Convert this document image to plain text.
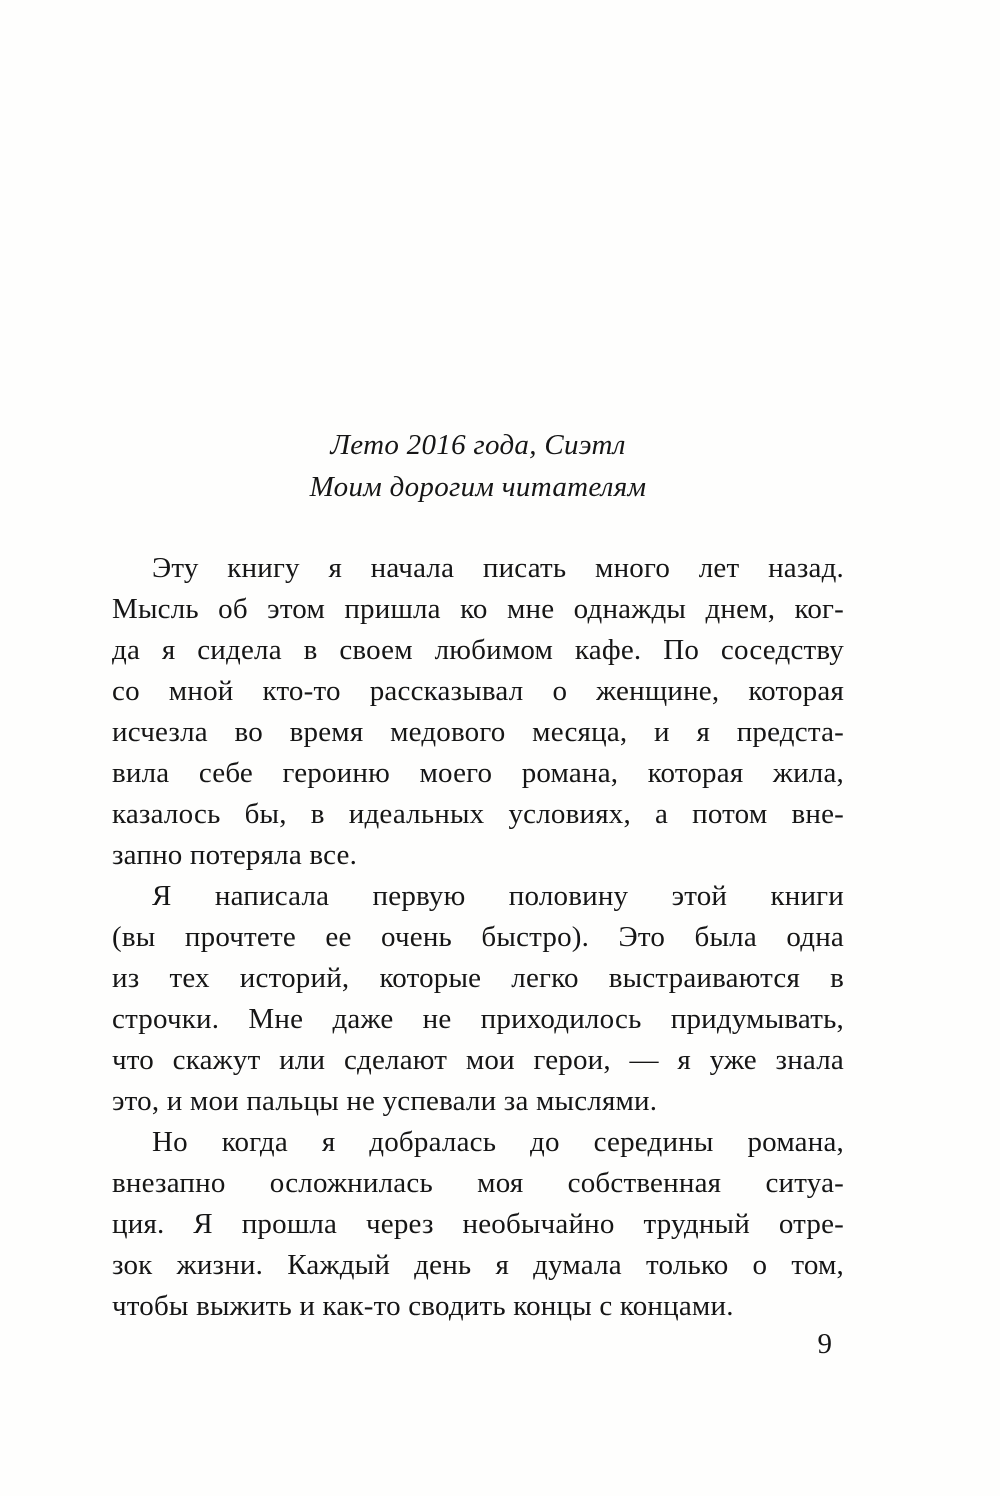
Лето 2016 года, Сиэтл
Моим дорогим читателям
Эту книгу я начала писать много лет назад.
Мысль об этом пришла ко мне однажды днем, ког-
да я сидела в своем любимом кафе. По соседству
со мной кто-то рассказывал о женщине, которая
исчезла во время медового месяца, и я предста-
вила себе героиню моего романа, которая жила,
казалось бы, в идеальных условиях, а потом вне-
запно потеряла все.
Я написала первую половину этой книги
(вы прочтете ее очень быстро). Это была одна
из тех историй, которые легко выстраиваются в
строчки. Мне даже не приходилось придумывать,
что скажут или сделают мои герои, — я уже знала
это, и мои пальцы не успевали за мыслями.
Но когда я добралась до середины романа,
внезапно осложнилась моя собственная ситуа-
ция. Я прошла через необычайно трудный отре-
зок жизни. Каждый день я думала только о том,
чтобы выжить и как-то сводить концы с концами.
9
